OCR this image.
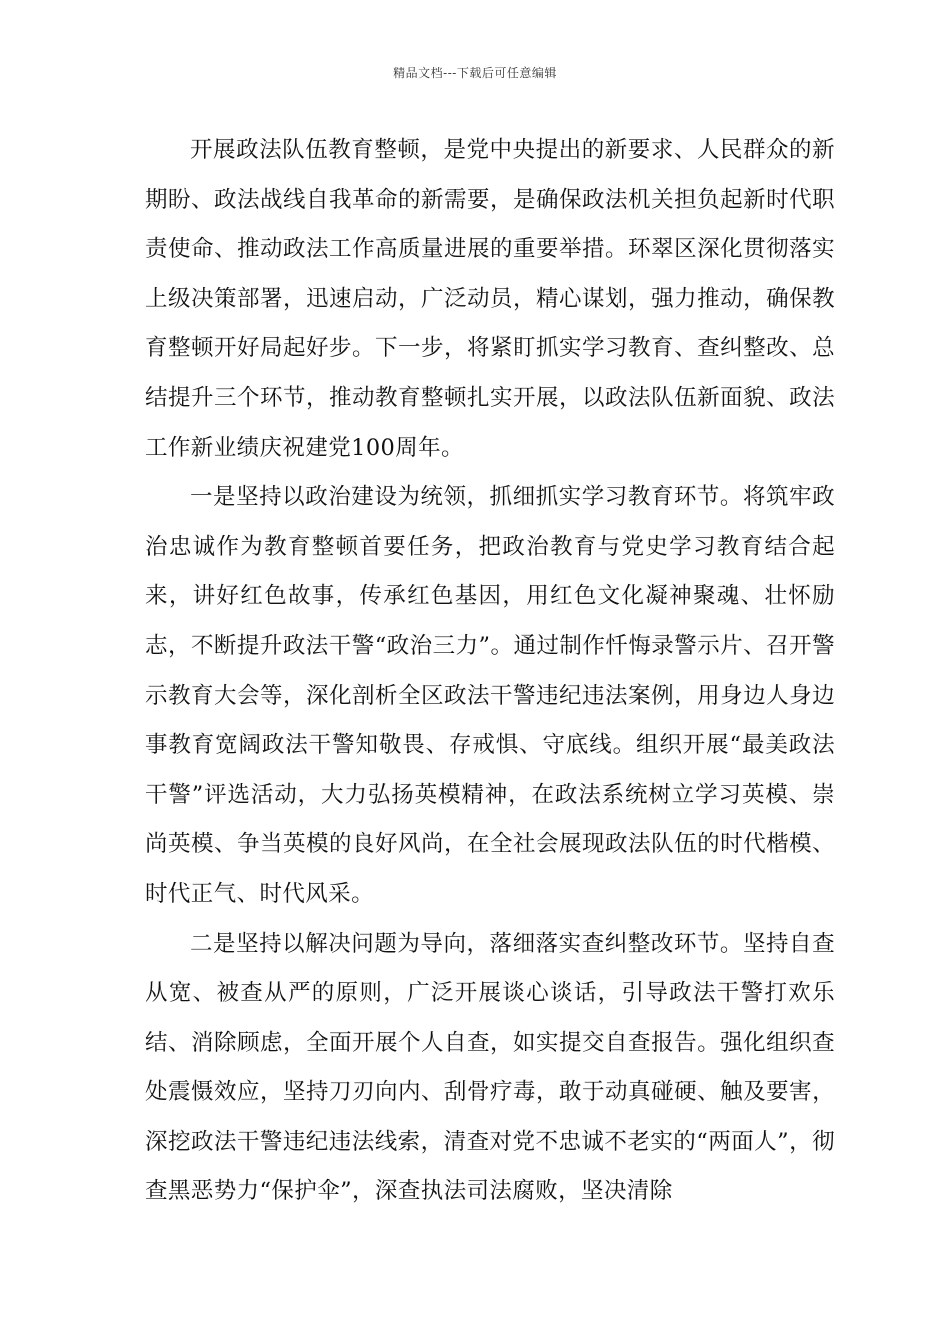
精品文档---下载后可任意编辑

开展政法队伍教育整顿，是党中央提出的新要求、人民群众的新期盼、政法战线自我革命的新需要，是确保政法机关担负起新时代职责使命、推动政法工作高质量进展的重要举措。环翠区深化贯彻落实上级决策部署，迅速启动，广泛动员，精心谋划，强力推动，确保教育整顿开好局起好步。下一步，将紧盯抓实学习教育、查纠整改、总结提升三个环节，推动教育整顿扎实开展，以政法队伍新面貌、政法工作新业绩庆祝建党100周年。

一是坚持以政治建设为统领，抓细抓实学习教育环节。将筑牢政治忠诚作为教育整顿首要任务，把政治教育与党史学习教育结合起来，讲好红色故事，传承红色基因，用红色文化凝神聚魂、壮怀励志，不断提升政法干警“政治三力”。通过制作忏悔录警示片、召开警示教育大会等，深化剖析全区政法干警违纪违法案例，用身边人身边事教育宽阔政法干警知敬畏、存戒惧、守底线。组织开展“最美政法干警”评选活动，大力弘扬英模精神，在政法系统树立学习英模、崇尚英模、争当英模的良好风尚，在全社会展现政法队伍的时代楷模、时代正气、时代风采。

二是坚持以解决问题为导向，落细落实查纠整改环节。坚持自查从宽、被查从严的原则，广泛开展谈心谈话，引导政法干警打欢乐结、消除顾虑，全面开展个人自查，如实提交自查报告。强化组织查处震慑效应，坚持刀刃向内、刮骨疗毒，敢于动真碰硬、触及要害，深挖政法干警违纪违法线索，清查对党不忠诚不老实的“两面人”，彻查黑恶势力“保护伞”，深查执法司法腐败，坚决清除
